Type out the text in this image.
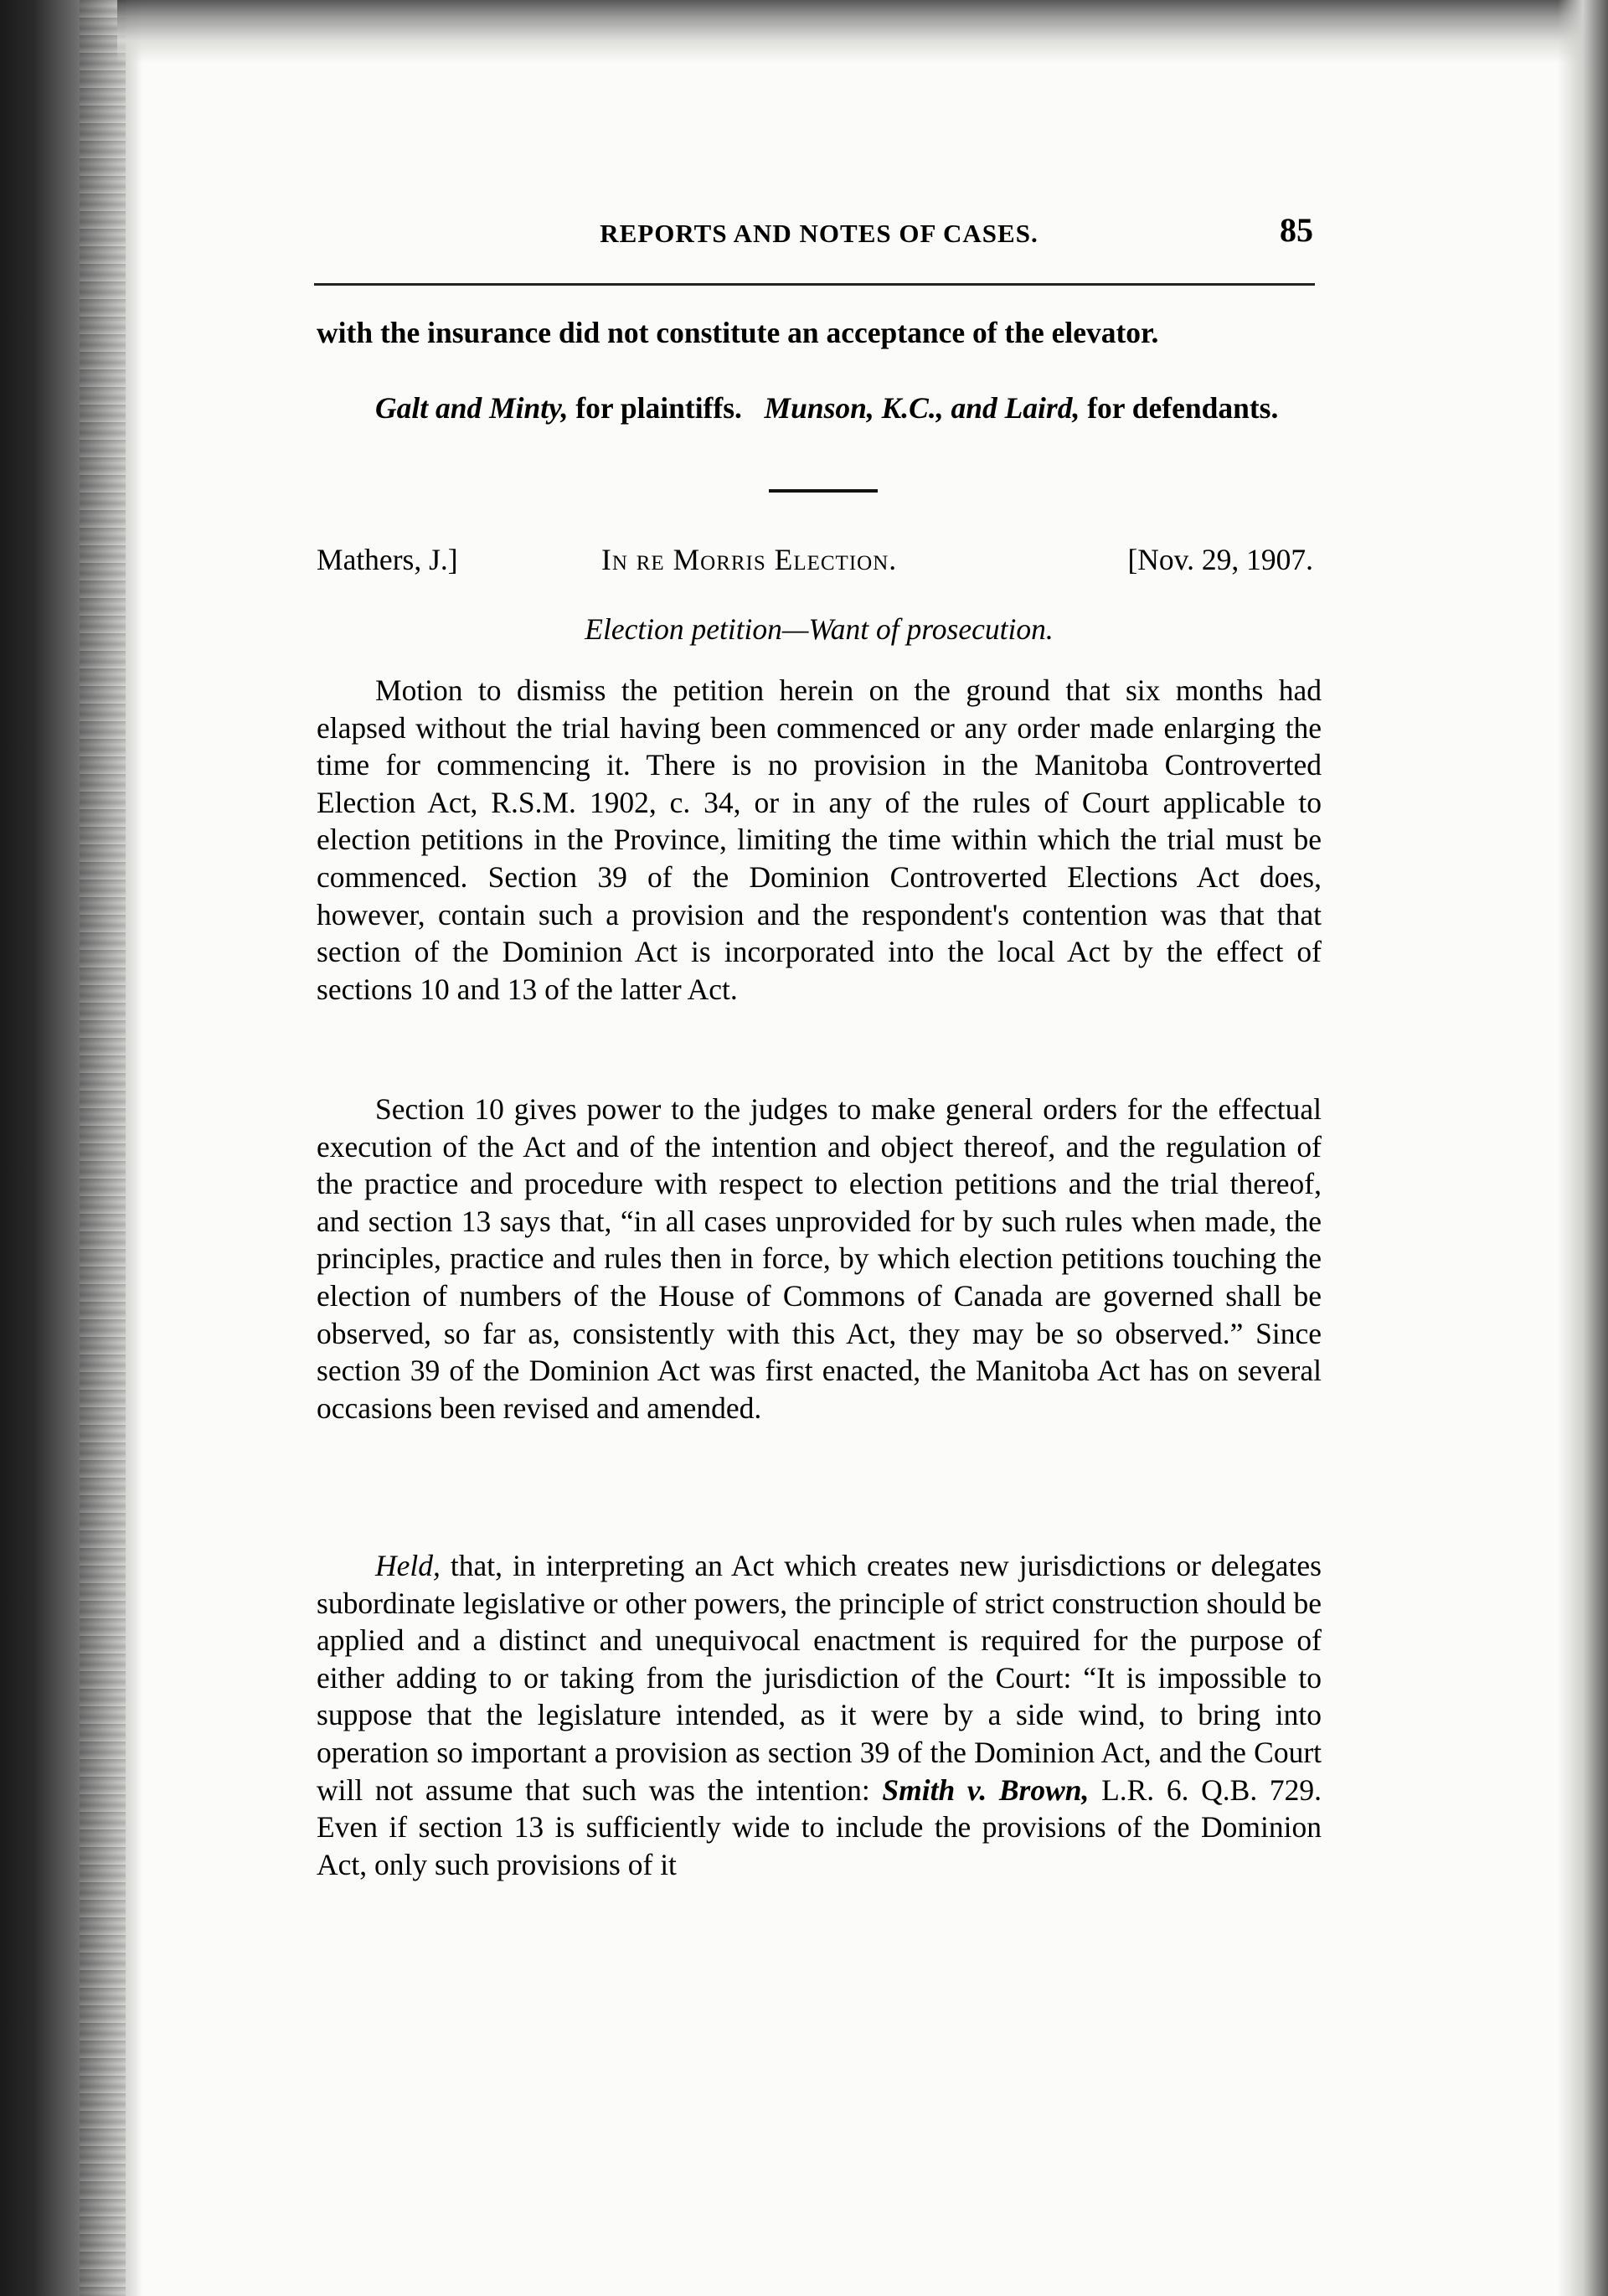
REPORTS AND NOTES OF CASES.	85

with the insurance did not constitute an acceptance of the elevator.

Galt and Minty, for plaintiffs. Munson, K.C., and Laird, for defendants.

Mathers, J.]	In re Morris Election.	[Nov. 29, 1907.
Election petition—Want of prosecution.

Motion to dismiss the petition herein on the ground that six months had elapsed without the trial having been commenced or any order made enlarging the time for commencing it. There is no provision in the Manitoba Controverted Election Act, R.S.M. 1902, c. 34, or in any of the rules of Court applicable to election petitions in the Province, limiting the time within which the trial must be commenced. Section 39 of the Dominion Controverted Elections Act does, however, contain such a provision and the respondent's contention was that that section of the Dominion Act is incorporated into the local Act by the effect of sections 10 and 13 of the latter Act.

Section 10 gives power to the judges to make general orders for the effectual execution of the Act and of the intention and object thereof, and the regulation of the practice and procedure with respect to election petitions and the trial thereof, and section 13 says that, “in all cases unprovided for by such rules when made, the principles, practice and rules then in force, by which election petitions touching the election of numbers of the House of Commons of Canada are governed shall be observed, so far as, consistently with this Act, they may be so observed.” Since section 39 of the Dominion Act was first enacted, the Manitoba Act has on several occasions been revised and amended.

Held, that, in interpreting an Act which creates new jurisdictions or delegates subordinate legislative or other powers, the principle of strict construction should be applied and a distinct and unequivocal enactment is required for the purpose of either adding to or taking from the jurisdiction of the Court: “It is impossible to suppose that the legislature intended, as it were by a side wind, to bring into operation so important a provision as section 39 of the Dominion Act, and the Court will not assume that such was the intention: Smith v. Brown, L.R. 6. Q.B. 729. Even if section 13 is sufficiently wide to include the provisions of the Dominion Act, only such provisions of it
